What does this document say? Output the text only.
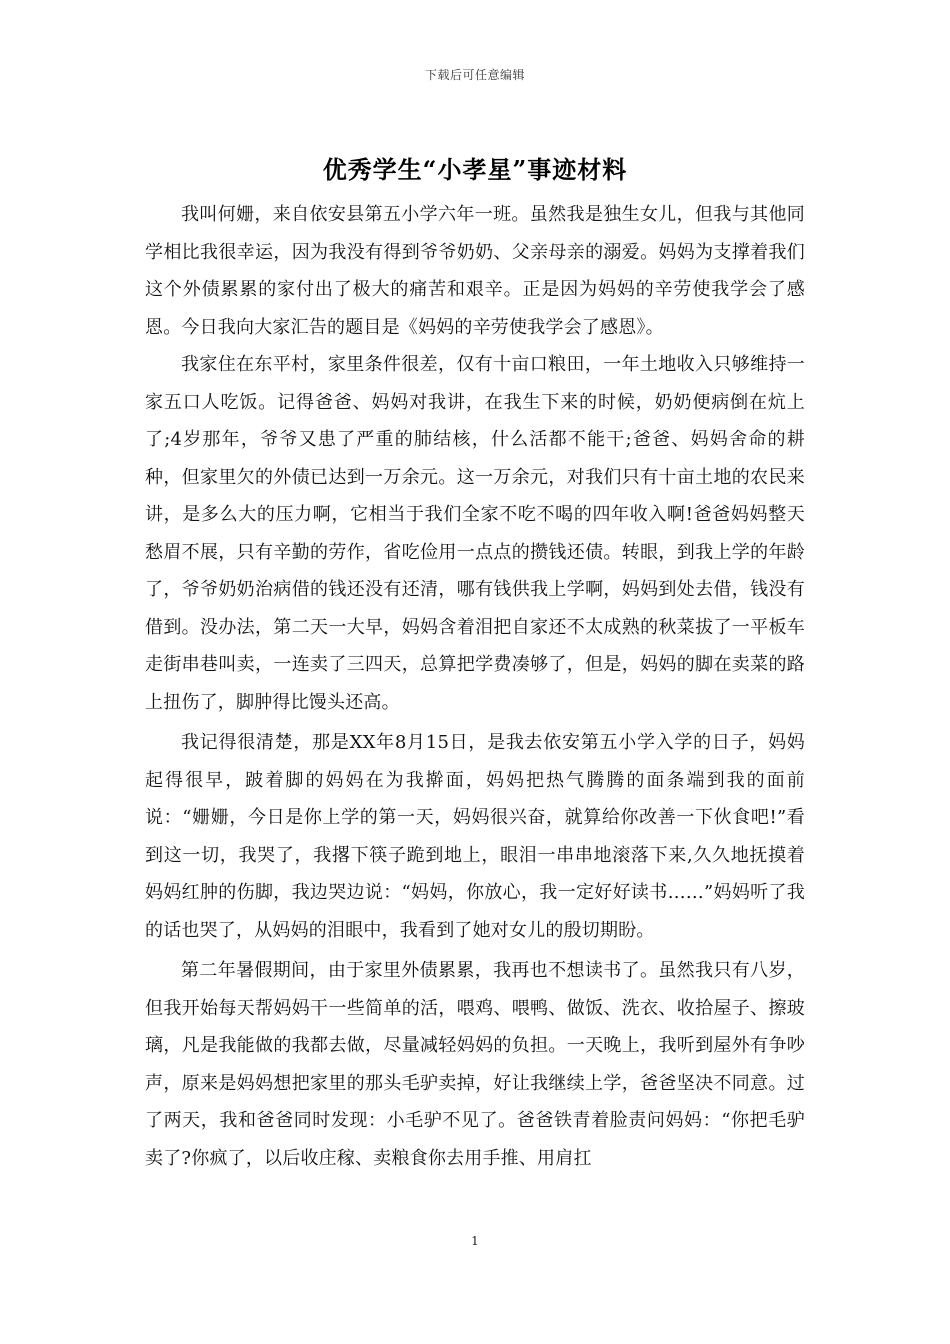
下载后可任意编辑
优秀学生“小孝星”事迹材料

我叫何姗，来自依安县第五小学六年一班。虽然我是独生女儿，但我与其他同学相比我很幸运，因为我没有得到爷爷奶奶、父亲母亲的溺爱。妈妈为支撑着我们这个外债累累的家付出了极大的痛苦和艰辛。正是因为妈妈的辛劳使我学会了感恩。今日我向大家汇告的题目是《妈妈的辛劳使我学会了感恩》。

我家住在东平村，家里条件很差，仅有十亩口粮田，一年土地收入只够维持一家五口人吃饭。记得爸爸、妈妈对我讲，在我生下来的时候，奶奶便病倒在炕上了;4岁那年，爷爷又患了严重的肺结核，什么活都不能干;爸爸、妈妈舍命的耕种，但家里欠的外债已达到一万余元。这一万余元，对我们只有十亩土地的农民来讲，是多么大的压力啊，它相当于我们全家不吃不喝的四年收入啊!爸爸妈妈整天愁眉不展，只有辛勤的劳作，省吃俭用一点点的攒钱还债。转眼，到我上学的年龄了，爷爷奶奶治病借的钱还没有还清，哪有钱供我上学啊，妈妈到处去借，钱没有借到。没办法，第二天一大早，妈妈含着泪把自家还不太成熟的秋菜拔了一平板车走街串巷叫卖，一连卖了三四天，总算把学费凑够了，但是，妈妈的脚在卖菜的路上扭伤了，脚肿得比馒头还高。

我记得很清楚，那是XX年8月15日，是我去依安第五小学入学的日子，妈妈起得很早，跛着脚的妈妈在为我擀面，妈妈把热气腾腾的面条端到我的面前说：“姗姗，今日是你上学的第一天，妈妈很兴奋，就算给你改善一下伙食吧!”看到这一切，我哭了，我撂下筷子跪到地上，眼泪一串串地滚落下来,久久地抚摸着妈妈红肿的伤脚，我边哭边说：“妈妈，你放心，我一定好好读书……”妈妈听了我的话也哭了，从妈妈的泪眼中，我看到了她对女儿的殷切期盼。

第二年暑假期间，由于家里外债累累，我再也不想读书了。虽然我只有八岁，但我开始每天帮妈妈干一些简单的活，喂鸡、喂鸭、做饭、洗衣、收拾屋子、擦玻璃，凡是我能做的我都去做，尽量减轻妈妈的负担。一天晚上，我听到屋外有争吵声，原来是妈妈想把家里的那头毛驴卖掉，好让我继续上学，爸爸坚决不同意。过了两天，我和爸爸同时发现：小毛驴不见了。爸爸铁青着脸责问妈妈：“你把毛驴卖了?你疯了，以后收庄稼、卖粮食你去用手推、用肩扛

1
